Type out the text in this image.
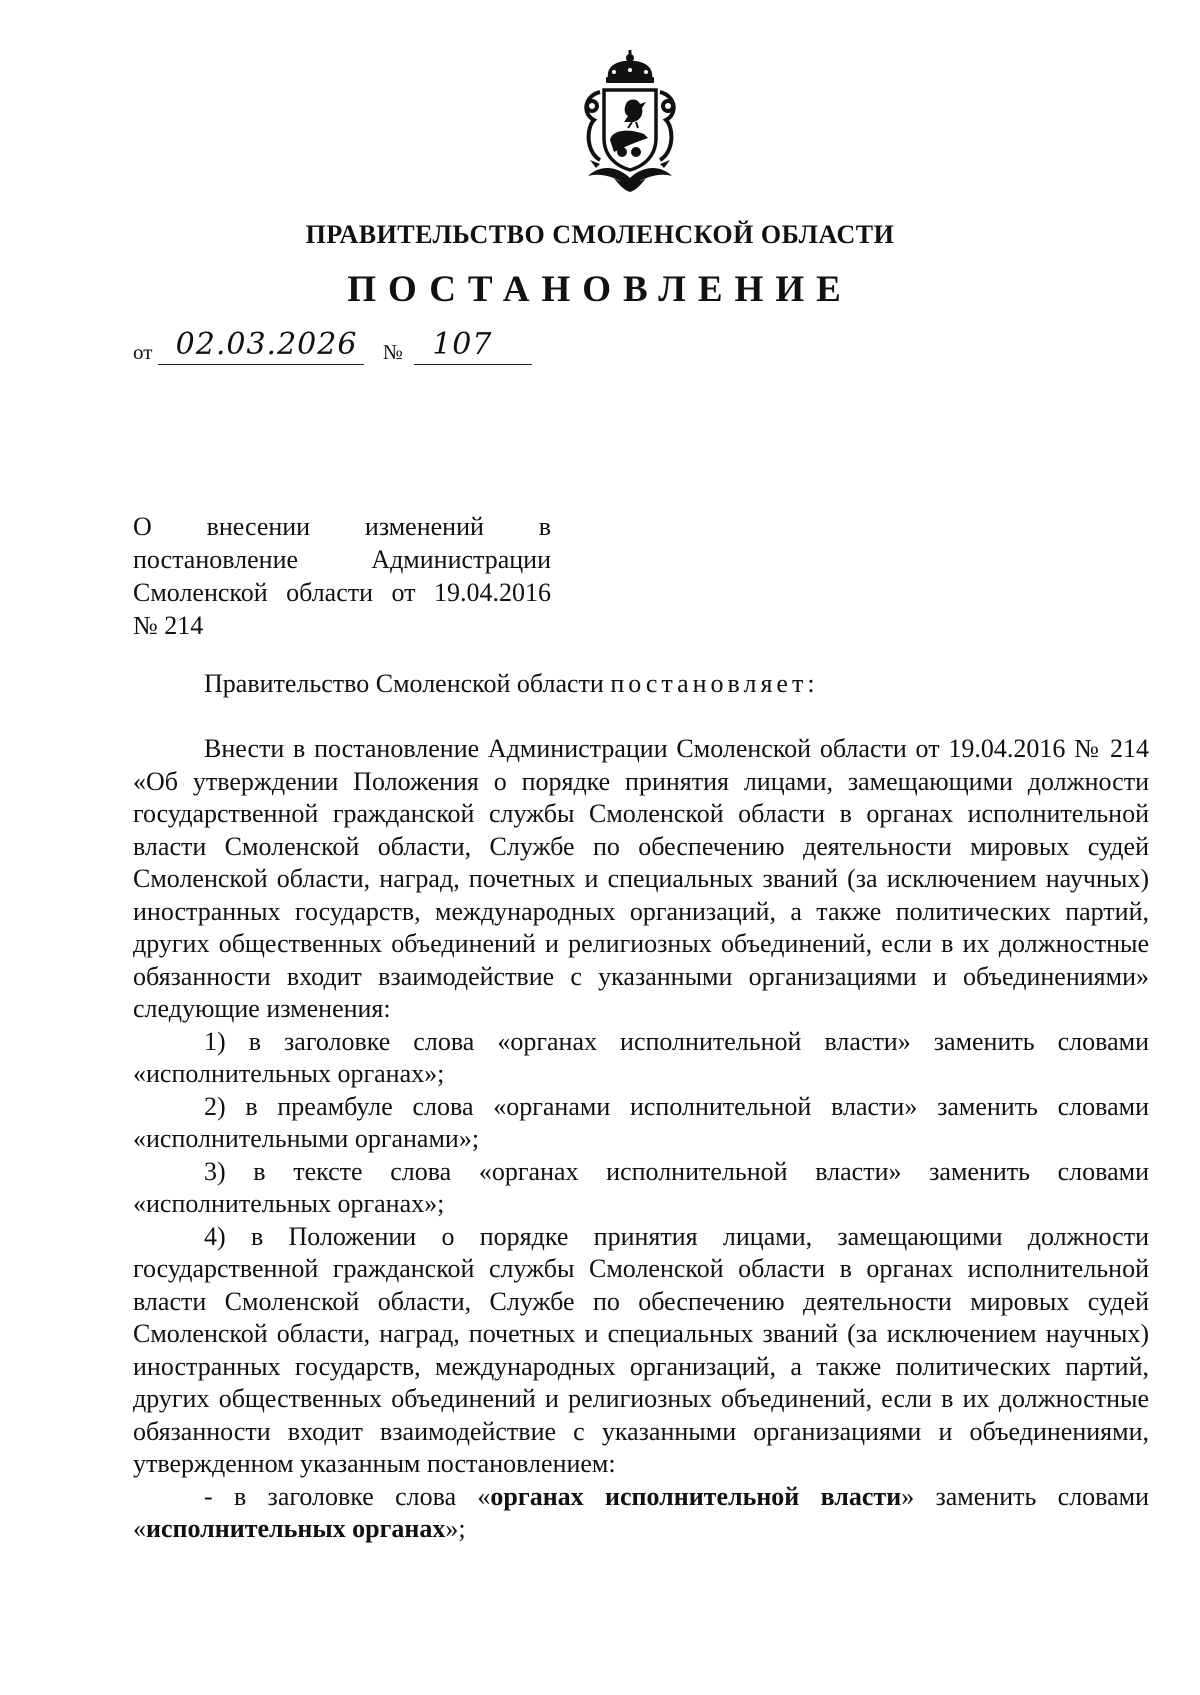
ПРАВИТЕЛЬСТВО СМОЛЕНСКОЙ ОБЛАСТИ
ПОСТАНОВЛЕНИЕ
от 02.03.2026 № 107
О внесении изменений в
постановление Администрации
Смоленской области от 19.04.2016
№ 214
Правительство Смоленской области постановляет:

Внести в постановление Администрации Смоленской области от 19.04.2016 № 214 «Об утверждении Положения о порядке принятия лицами, замещающими должности государственной гражданской службы Смоленской области в органах исполнительной власти Смоленской области, Службе по обеспечению деятельности мировых судей Смоленской области, наград, почетных и специальных званий (за исключением научных) иностранных государств, международных организаций, а также политических партий, других общественных объединений и религиозных объединений, если в их должностные обязанности входит взаимодействие с указанными организациями и объединениями» следующие изменения:

1) в заголовке слова «органах исполнительной власти» заменить словами «исполнительных органах»;

2) в преамбуле слова «органами исполнительной власти» заменить словами «исполнительными органами»;

3) в тексте слова «органах исполнительной власти» заменить словами «исполнительных органах»;

4) в Положении о порядке принятия лицами, замещающими должности государственной гражданской службы Смоленской области в органах исполнительной власти Смоленской области, Службе по обеспечению деятельности мировых судей Смоленской области, наград, почетных и специальных званий (за исключением научных) иностранных государств, международных организаций, а также политических партий, других общественных объединений и религиозных объединений, если в их должностные обязанности входит взаимодействие с указанными организациями и объединениями, утвержденном указанным постановлением:

- в заголовке слова «органах исполнительной власти» заменить словами «исполнительных органах»;
